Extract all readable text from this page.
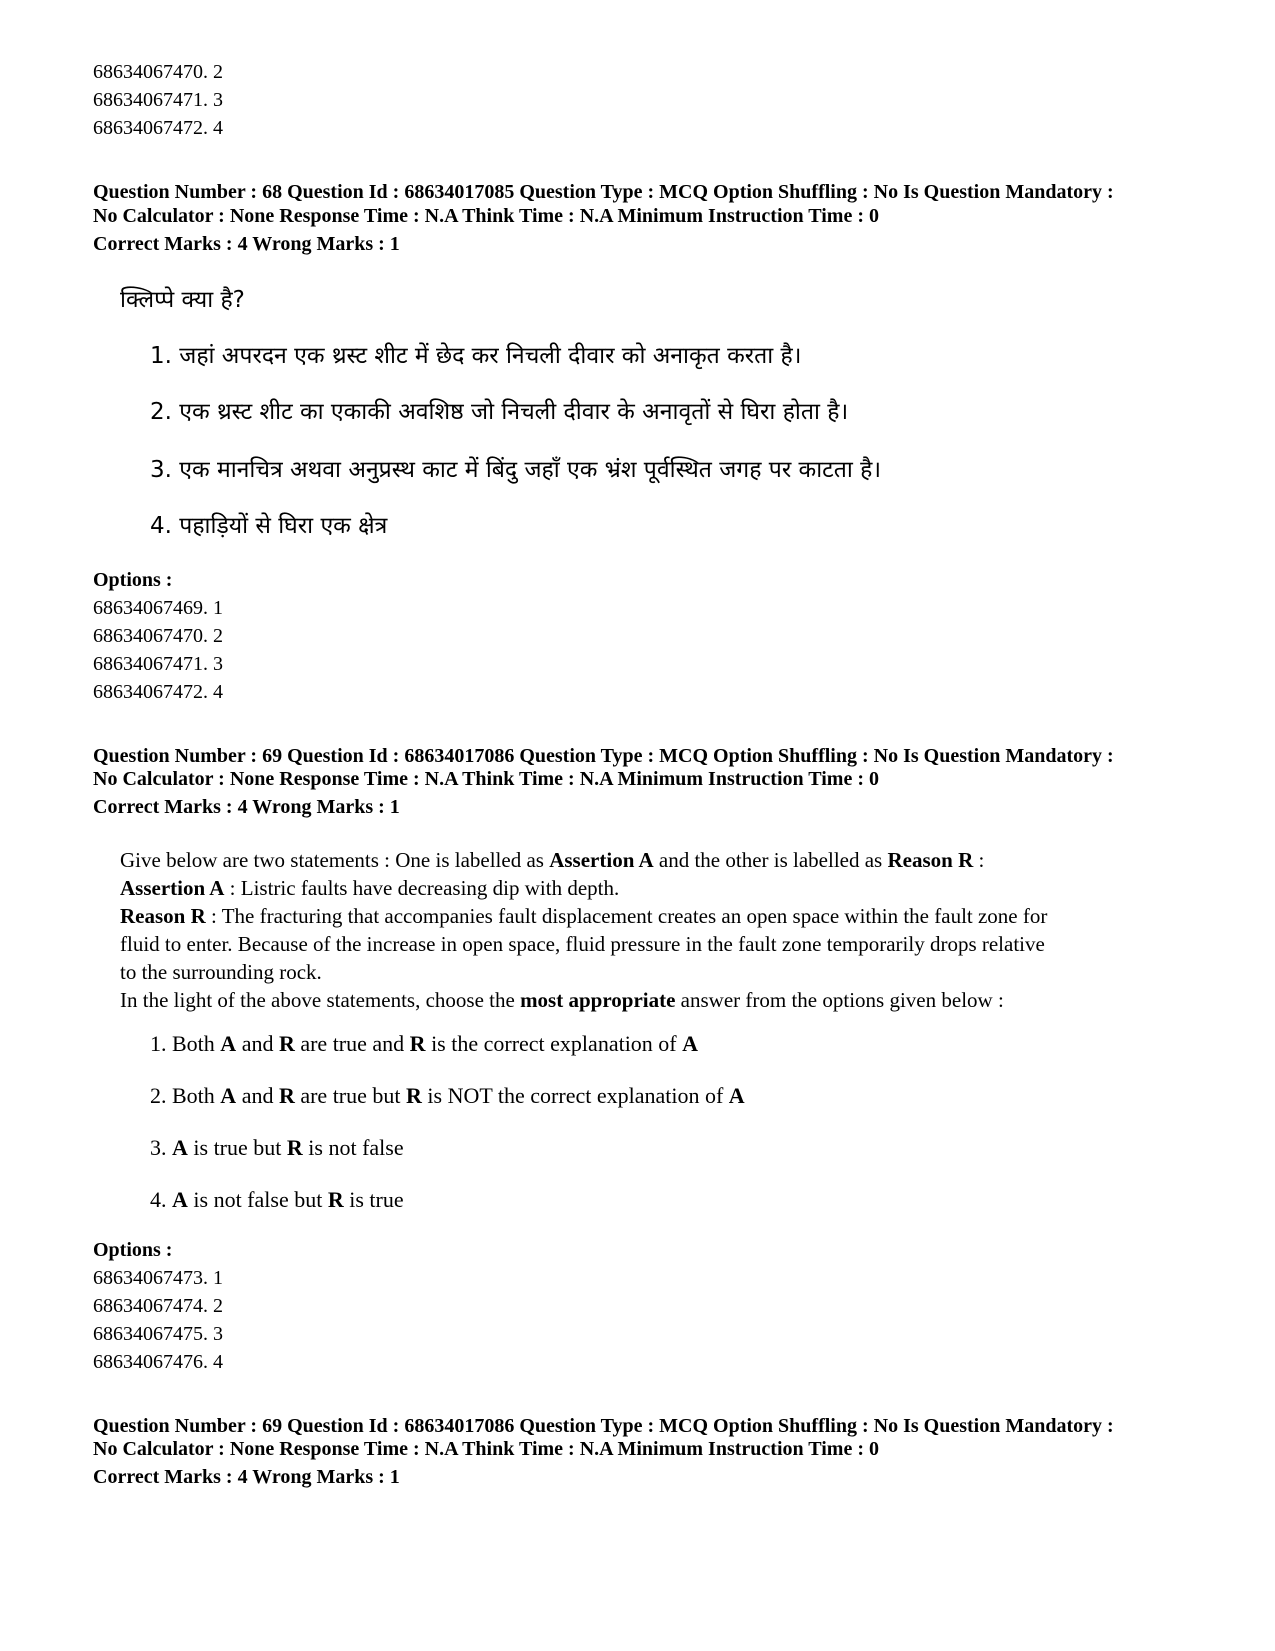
68634067470. 2
68634067471. 3
68634067472. 4
Question Number : 68 Question Id : 68634017085 Question Type : MCQ Option Shuffling : No Is Question Mandatory :
No Calculator : None Response Time : N.A Think Time : N.A Minimum Instruction Time : 0
Correct Marks : 4 Wrong Marks : 1
क्लिप्पे क्या है?
1. जहां अपरदन एक थ्रस्ट शीट में छेद कर निचली दीवार को अनाकृत करता है।
2. एक थ्रस्ट शीट का एकाकी अवशिष्ठ जो निचली दीवार के अनावृतों से घिरा होता है।
3. एक मानचित्र अथवा अनुप्रस्थ काट में बिंदु जहाँ एक भ्रंश पूर्वस्थित जगह पर काटता है।
4. पहाड़ियों से घिरा एक क्षेत्र
Options :
68634067469. 1
68634067470. 2
68634067471. 3
68634067472. 4
Question Number : 69 Question Id : 68634017086 Question Type : MCQ Option Shuffling : No Is Question Mandatory :
No Calculator : None Response Time : N.A Think Time : N.A Minimum Instruction Time : 0
Correct Marks : 4 Wrong Marks : 1
Give below are two statements : One is labelled as Assertion A and the other is labelled as Reason R :
Assertion A : Listric faults have decreasing dip with depth.
Reason R : The fracturing that accompanies fault displacement creates an open space within the fault zone for
fluid to enter. Because of the increase in open space, fluid pressure in the fault zone temporarily drops relative
to the surrounding rock.
In the light of the above statements, choose the most appropriate answer from the options given below :
1. Both A and R are true and R is the correct explanation of A
2. Both A and R are true but R is NOT the correct explanation of A
3. A is true but R is not false
4. A is not false but R is true
Options :
68634067473. 1
68634067474. 2
68634067475. 3
68634067476. 4
Question Number : 69 Question Id : 68634017086 Question Type : MCQ Option Shuffling : No Is Question Mandatory :
No Calculator : None Response Time : N.A Think Time : N.A Minimum Instruction Time : 0
Correct Marks : 4 Wrong Marks : 1
